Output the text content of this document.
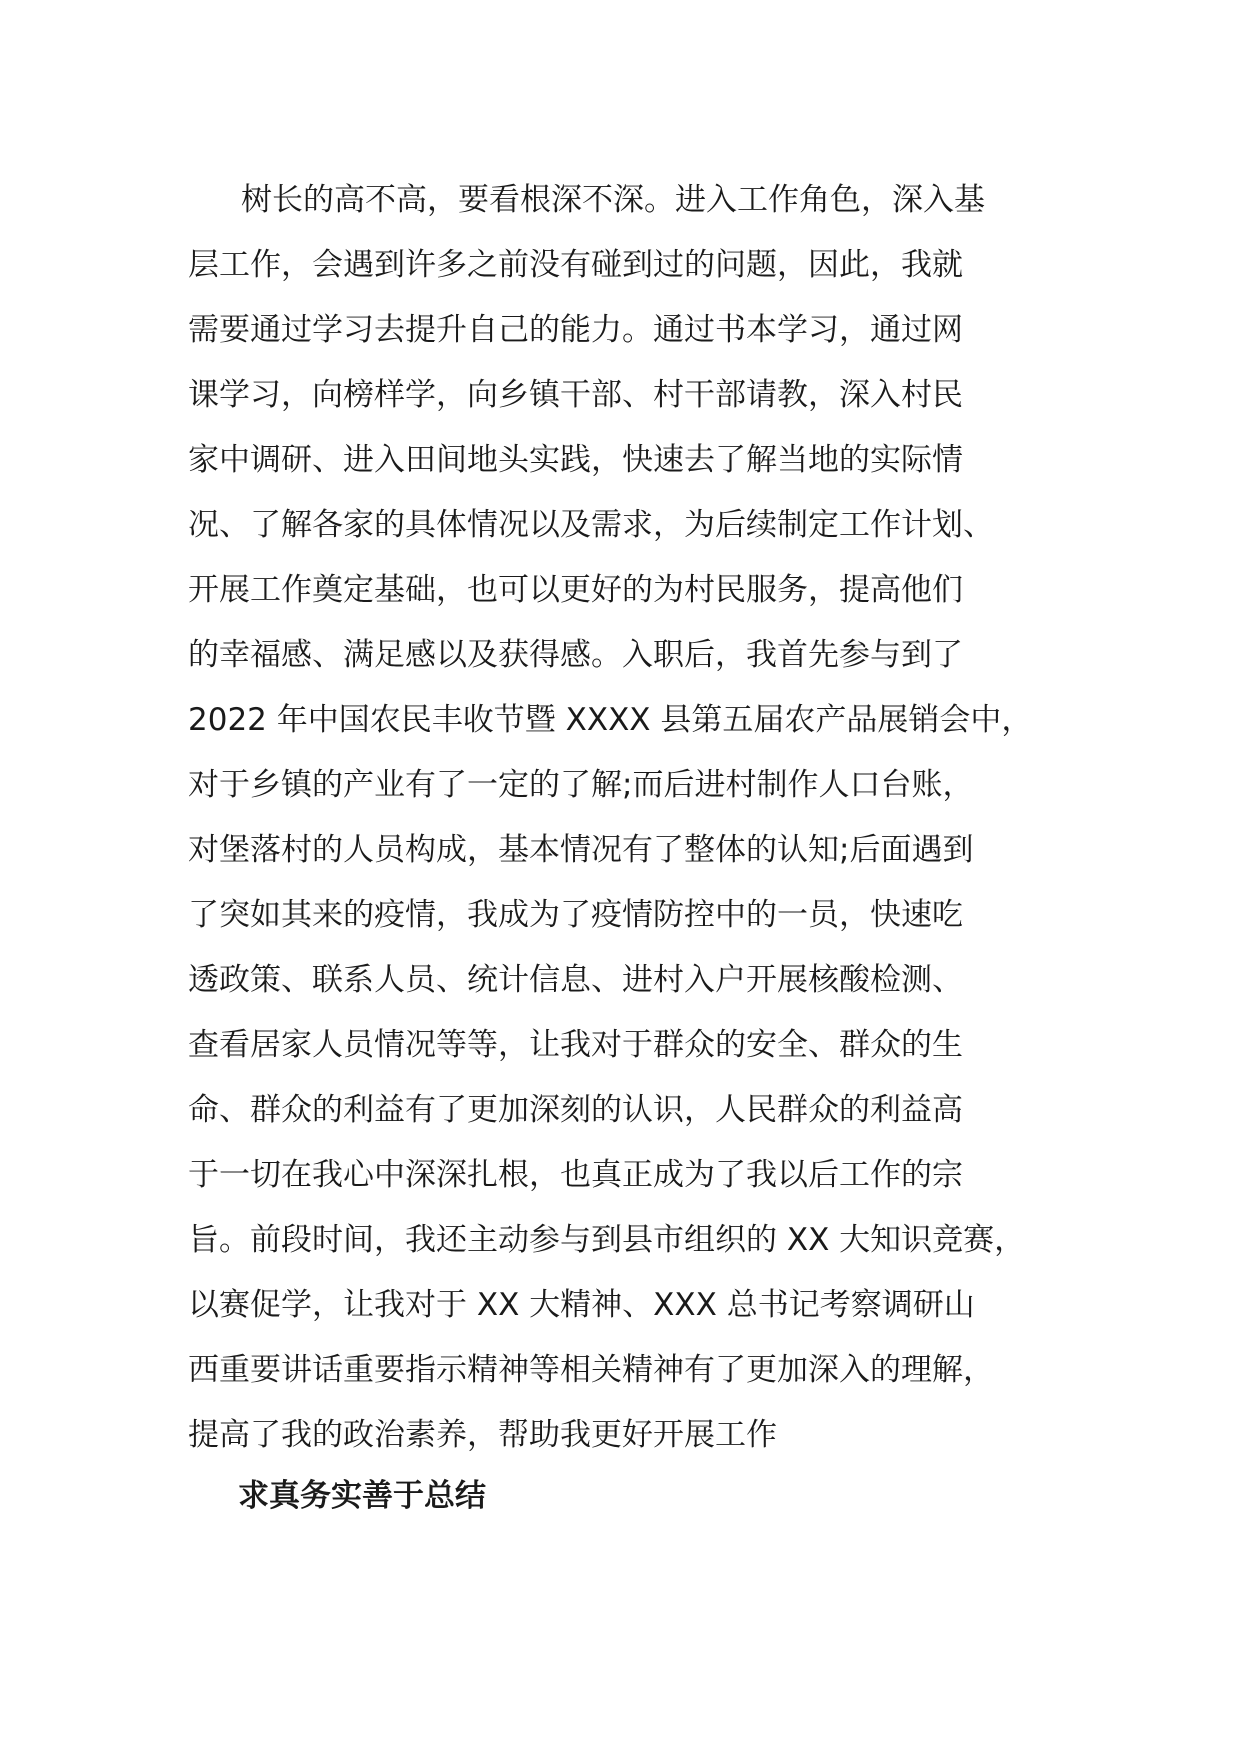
树长的高不高，要看根深不深。进入工作角色，深入基
层工作，会遇到许多之前没有碰到过的问题，因此，我就
需要通过学习去提升自己的能力。通过书本学习，通过网
课学习，向榜样学，向乡镇干部、村干部请教，深入村民
家中调研、进入田间地头实践，快速去了解当地的实际情
况、了解各家的具体情况以及需求，为后续制定工作计划、
开展工作奠定基础，也可以更好的为村民服务，提高他们
的幸福感、满足感以及获得感。入职后，我首先参与到了
2022 年中国农民丰收节暨 XXXX 县第五届农产品展销会中，
对于乡镇的产业有了一定的了解;而后进村制作人口台账，
对堡落村的人员构成，基本情况有了整体的认知;后面遇到
了突如其来的疫情，我成为了疫情防控中的一员，快速吃
透政策、联系人员、统计信息、进村入户开展核酸检测、
查看居家人员情况等等，让我对于群众的安全、群众的生
命、群众的利益有了更加深刻的认识，人民群众的利益高
于一切在我心中深深扎根，也真正成为了我以后工作的宗
旨。前段时间，我还主动参与到县市组织的 XX 大知识竞赛，
以赛促学，让我对于 XX 大精神、XXX 总书记考察调研山
西重要讲话重要指示精神等相关精神有了更加深入的理解，
提高了我的政治素养，帮助我更好开展工作
求真务实善于总结
